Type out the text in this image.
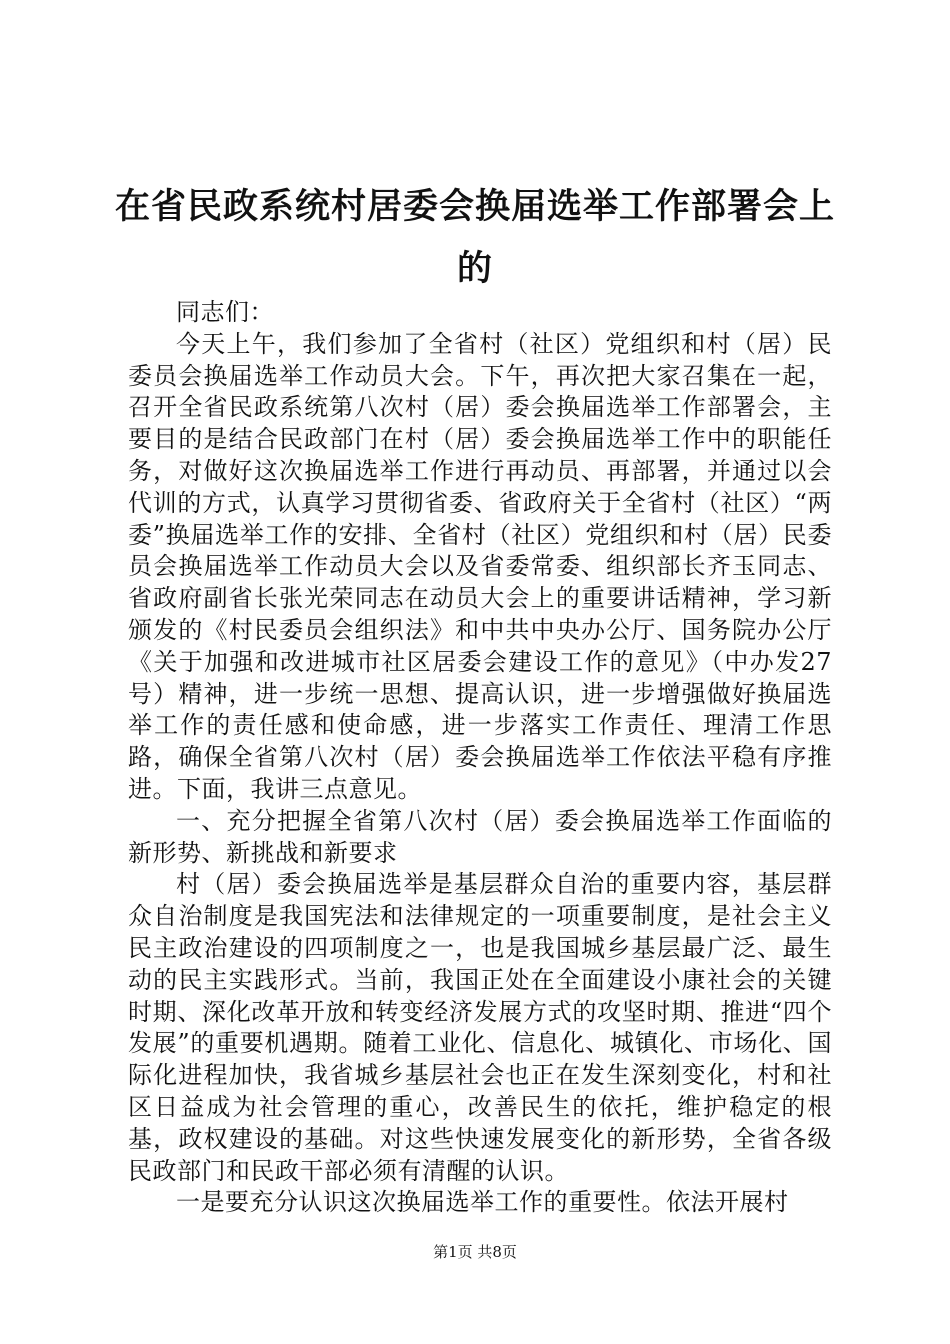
在省民政系统村居委会换届选举工作部署会上的

同志们：

今天上午，我们参加了全省村（社区）党组织和村（居）民委员会换届选举工作动员大会。下午，再次把大家召集在一起，召开全省民政系统第八次村（居）委会换届选举工作部署会，主要目的是结合民政部门在村（居）委会换届选举工作中的职能任务，对做好这次换届选举工作进行再动员、再部署，并通过以会代训的方式，认真学习贯彻省委、省政府关于全省村（社区）“两委”换届选举工作的安排、全省村（社区）党组织和村（居）民委员会换届选举工作动员大会以及省委常委、组织部长齐玉同志、省政府副省长张光荣同志在动员大会上的重要讲话精神，学习新颁发的《村民委员会组织法》和中共中央办公厅、国务院办公厅《关于加强和改进城市社区居委会建设工作的意见》（中办发27号）精神，进一步统一思想、提高认识，进一步增强做好换届选举工作的责任感和使命感，进一步落实工作责任、理清工作思路，确保全省第八次村（居）委会换届选举工作依法平稳有序推进。下面，我讲三点意见。

一、充分把握全省第八次村（居）委会换届选举工作面临的新形势、新挑战和新要求

村（居）委会换届选举是基层群众自治的重要内容，基层群众自治制度是我国宪法和法律规定的一项重要制度，是社会主义民主政治建设的四项制度之一，也是我国城乡基层最广泛、最生动的民主实践形式。当前，我国正处在全面建设小康社会的关键时期、深化改革开放和转变经济发展方式的攻坚时期、推进“四个发展”的重要机遇期。随着工业化、信息化、城镇化、市场化、国际化进程加快，我省城乡基层社会也正在发生深刻变化，村和社区日益成为社会管理的重心，改善民生的依托，维护稳定的根基，政权建设的基础。对这些快速发展变化的新形势，全省各级民政部门和民政干部必须有清醒的认识。

一是要充分认识这次换届选举工作的重要性。依法开展村

第1页 共8页
